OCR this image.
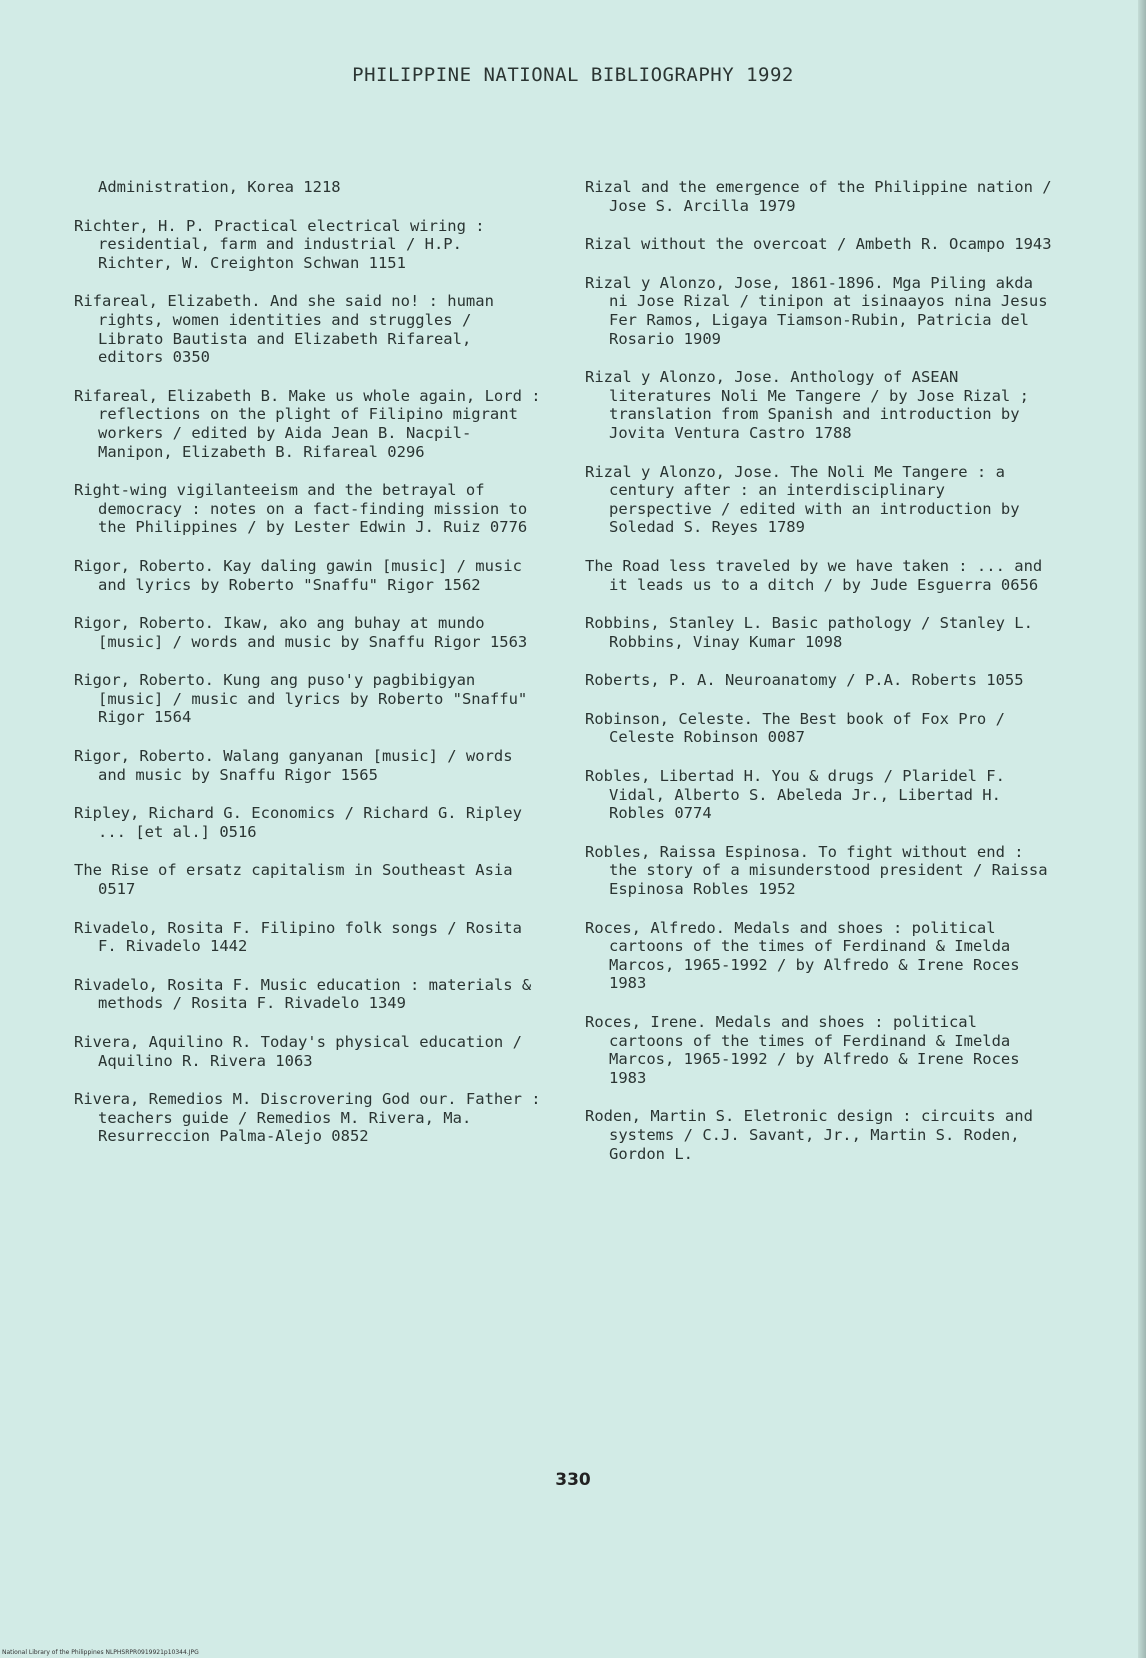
PHILIPPINE NATIONAL BIBLIOGRAPHY 1992

Administration, Korea 1218

Richter, H. P. Practical electrical wiring : residential, farm and industrial / H.P. Richter, W. Creighton Schwan 1151

Rifareal, Elizabeth. And she said no! : human rights, women identities and struggles / Librato Bautista and Elizabeth Rifareal, editors 0350

Rifareal, Elizabeth B. Make us whole again, Lord : reflections on the plight of Filipino migrant workers / edited by Aida Jean B. Nacpil-Manipon, Elizabeth B. Rifareal 0296

Right-wing vigilanteeism and the betrayal of democracy : notes on a fact-finding mission to the Philippines / by Lester Edwin J. Ruiz 0776

Rigor, Roberto. Kay daling gawin [music] / music and lyrics by Roberto "Snaffu" Rigor 1562

Rigor, Roberto. Ikaw, ako ang buhay at mundo [music] / words and music by Snaffu Rigor 1563

Rigor, Roberto. Kung ang puso'y pagbibigyan [music] / music and lyrics by Roberto "Snaffu" Rigor 1564

Rigor, Roberto. Walang ganyanan [music] / words and music by Snaffu Rigor 1565

Ripley, Richard G. Economics / Richard G. Ripley ... [et al.] 0516

The Rise of ersatz capitalism in Southeast Asia 0517

Rivadelo, Rosita F. Filipino folk songs / Rosita F. Rivadelo 1442

Rivadelo, Rosita F. Music education : materials & methods / Rosita F. Rivadelo 1349

Rivera, Aquilino R. Today's physical education / Aquilino R. Rivera 1063

Rivera, Remedios M. Discrovering God our. Father : teachers guide / Remedios M. Rivera, Ma. Resurreccion Palma-Alejo 0852

Rizal and the emergence of the Philippine nation / Jose S. Arcilla 1979

Rizal without the overcoat / Ambeth R. Ocampo 1943

Rizal y Alonzo, Jose, 1861-1896. Mga Piling akda ni Jose Rizal / tinipon at isinaayos nina Jesus Fer Ramos, Ligaya Tiamson-Rubin, Patricia del Rosario 1909

Rizal y Alonzo, Jose. Anthology of ASEAN literatures Noli Me Tangere / by Jose Rizal ; translation from Spanish and introduction by Jovita Ventura Castro 1788

Rizal y Alonzo, Jose. The Noli Me Tangere : a century after : an interdisciplinary perspective / edited with an introduction by Soledad S. Reyes 1789

The Road less traveled by we have taken : ... and it leads us to a ditch / by Jude Esguerra 0656

Robbins, Stanley L. Basic pathology / Stanley L. Robbins, Vinay Kumar 1098

Roberts, P. A. Neuroanatomy / P.A. Roberts 1055

Robinson, Celeste. The Best book of Fox Pro / Celeste Robinson 0087

Robles, Libertad H. You & drugs / Plaridel F. Vidal, Alberto S. Abeleda Jr., Libertad H. Robles 0774

Robles, Raissa Espinosa. To fight without end : the story of a misunderstood president / Raissa Espinosa Robles 1952

Roces, Alfredo. Medals and shoes : political cartoons of the times of Ferdinand & Imelda Marcos, 1965-1992 / by Alfredo & Irene Roces 1983

Roces, Irene. Medals and shoes : political cartoons of the times of Ferdinand & Imelda Marcos, 1965-1992 / by Alfredo & Irene Roces 1983

Roden, Martin S. Eletronic design : circuits and systems / C.J. Savant, Jr., Martin S. Roden, Gordon L.

330
National Library of the Philippines NLPHSRPR0919921p10344.JPG
